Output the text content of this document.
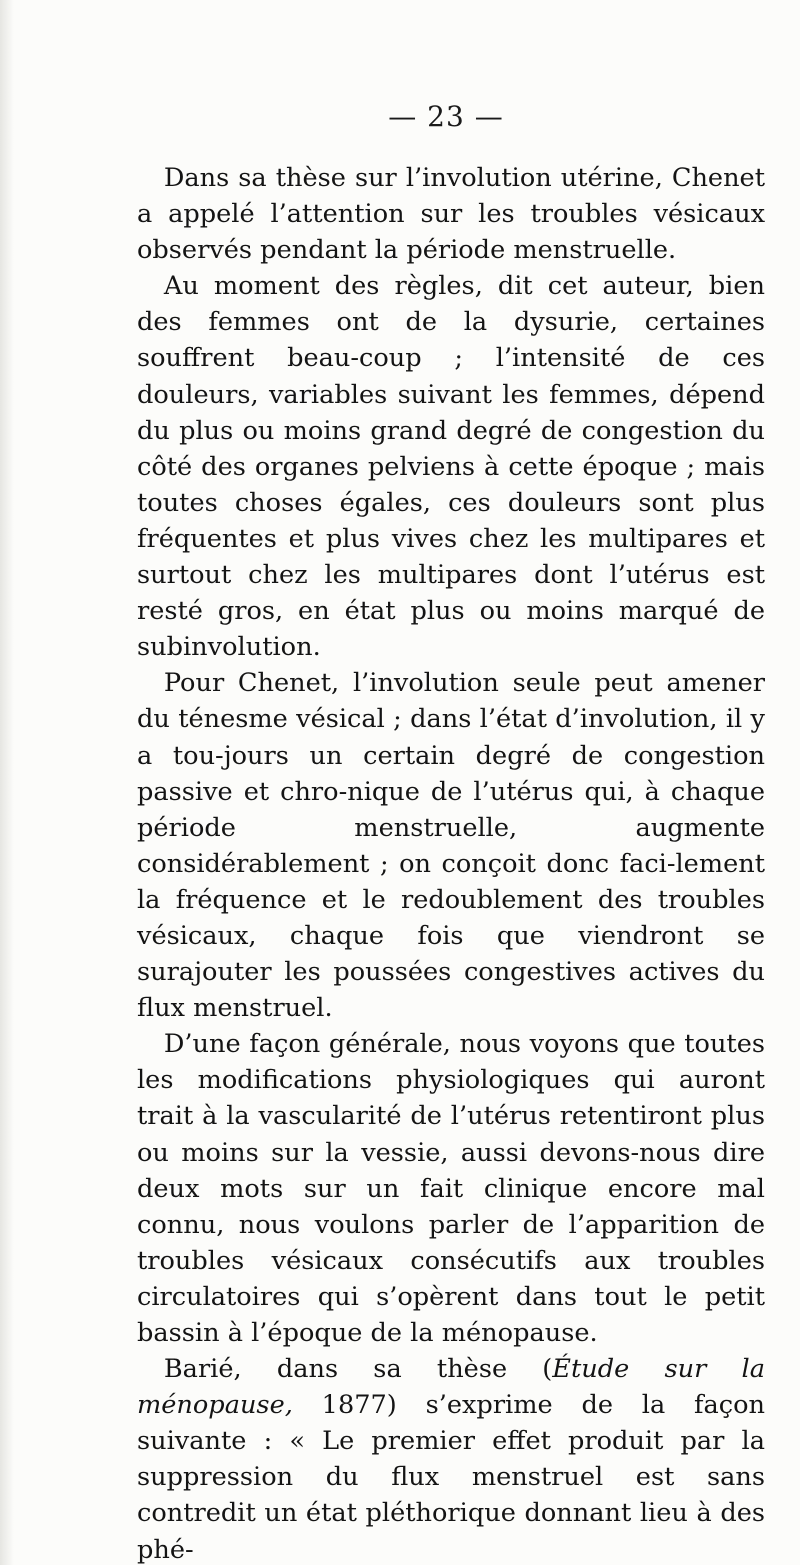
— 23 —

Dans sa thèse sur l’involution utérine, Chenet a appelé l’attention sur les troubles vésicaux observés pendant la période menstruelle.

Au moment des règles, dit cet auteur, bien des femmes ont de la dysurie, certaines souffrent beau-coup ; l’intensité de ces douleurs, variables suivant les femmes, dépend du plus ou moins grand degré de congestion du côté des organes pelviens à cette époque ; mais toutes choses égales, ces douleurs sont plus fréquentes et plus vives chez les multipares et surtout chez les multipares dont l’utérus est resté gros, en état plus ou moins marqué de subinvolution.

Pour Chenet, l’involution seule peut amener du ténesme vésical ; dans l’état d’involution, il y a tou-jours un certain degré de congestion passive et chro-nique de l’utérus qui, à chaque période menstruelle, augmente considérablement ; on conçoit donc faci-lement la fréquence et le redoublement des troubles vésicaux, chaque fois que viendront se surajouter les poussées congestives actives du flux menstruel.

D’une façon générale, nous voyons que toutes les modifications physiologiques qui auront trait à la vascularité de l’utérus retentiront plus ou moins sur la vessie, aussi devons-nous dire deux mots sur un fait clinique encore mal connu, nous voulons parler de l’apparition de troubles vésicaux consécutifs aux troubles circulatoires qui s’opèrent dans tout le petit bassin à l’époque de la ménopause.

Barié, dans sa thèse (Étude sur la ménopause, 1877) s’exprime de la façon suivante : « Le premier effet produit par la suppression du flux menstruel est sans contredit un état pléthorique donnant lieu à des phé-
